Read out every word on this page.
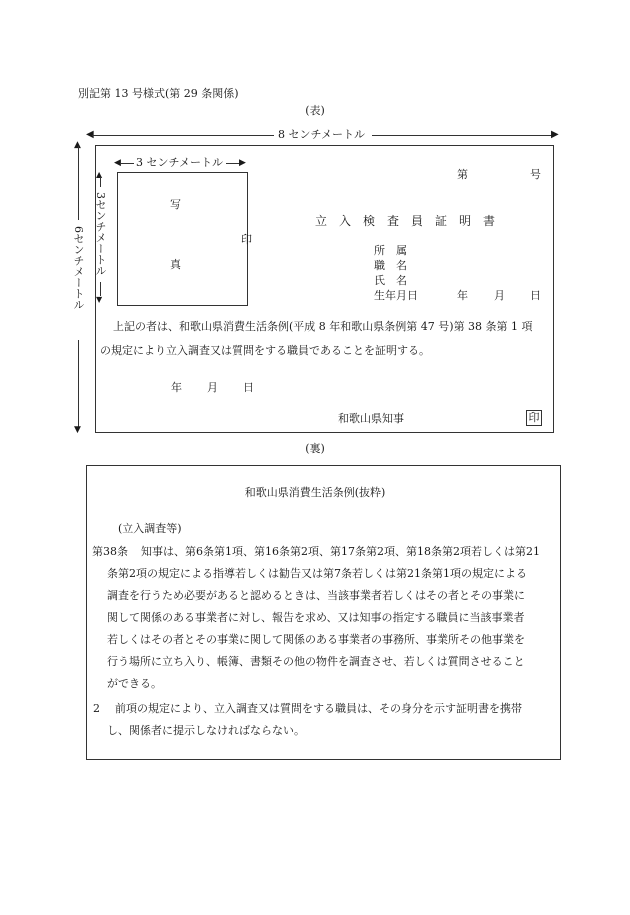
別記第 13 号様式(第 29 条関係)
(表)
◀	8 センチメートル	▶
▲
6センチメートル
▼
◀ 3 センチメートル ▶
▲
3センチメートル
▼
写
真
印
第	号
立　入　検　査　員　証　明　書
所　属
職　名
氏　名
生年月日	年 月 日
上記の者は、和歌山県消費生活条例(平成 8 年和歌山県条例第 47 号)第 38 条第 1 項
の規定により立入調査又は質問をする職員であることを証明する。
年 月 日
和歌山県知事	印
(裏)
和歌山県消費生活条例(抜粋)
(立入調査等)
第38条	知事は、第6条第1項、第16条第2項、第17条第2項、第18条第2項若しくは第21

条第2項の規定による指導若しくは勧告又は第7条若しくは第21条第1項の規定による

調査を行うため必要があると認めるときは、当該事業者若しくはその者とその事業に

関して関係のある事業者に対し、報告を求め、又は知事の指定する職員に当該事業者

若しくはその者とその事業に関して関係のある事業者の事務所、事業所その他事業を

行う場所に立ち入り、帳簿、書類その他の物件を調査させ、若しくは質問させること

ができる。

2	前項の規定により、立入調査又は質問をする職員は、その身分を示す証明書を携帯

し、関係者に提示しなければならない。
